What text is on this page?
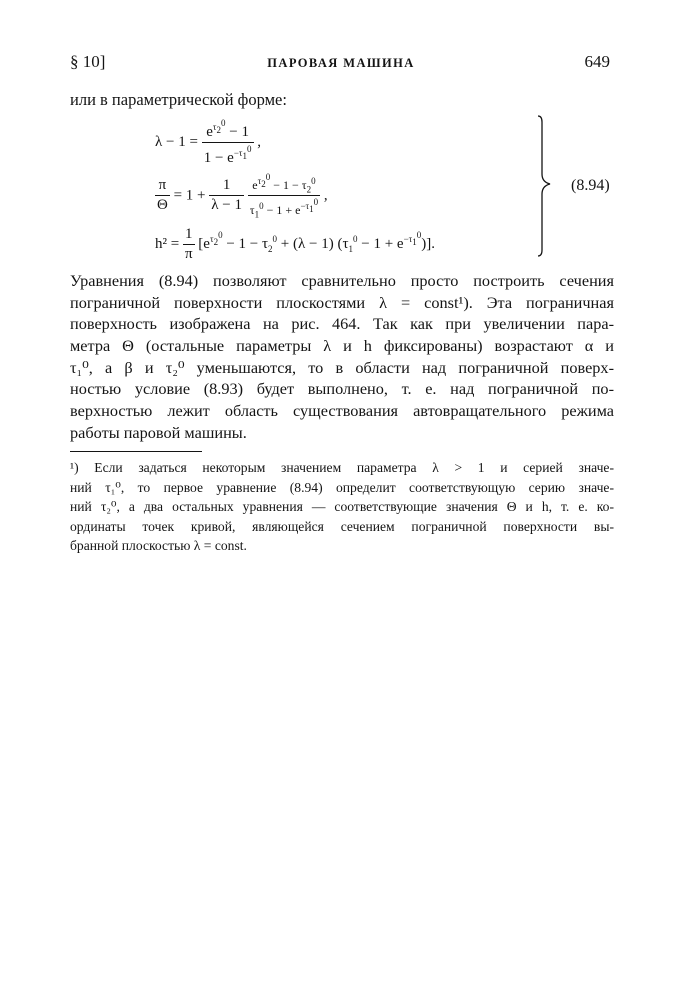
§ 10]	ПАРОВАЯ МАШИНА	649
или в параметрической форме:
$\lambda - 1 = \frac{e^{\tau_2^0} - 1}{1 - e^{-\tau_1^0}}$ ,
$\frac{\pi}{\Theta} = 1 + \frac{1}{\lambda - 1}$
$\frac{e^{\tau_2^0} - 1 - \tau_2^0}{\tau_1^0 - 1 + e^{-\tau_1^0}}$ ,
$h^2 = \frac{1}{\pi} [e^{\tau_2^0} - 1 - \tau_2^0 + (\lambda - 1) (\tau_1^0 - 1 + e^{-\tau_1^0})]$.
(8.94)
Уравнения (8.94) позволяют сравнительно просто построить сечения
пограничной поверхности плоскостями λ = const¹). Эта пограничная
поверхность изображена на рис. 464. Так как при увеличении пара-
метра Θ (остальные параметры λ и h фиксированы) возрастают α и
τ₁⁰, а β и τ₂⁰ уменьшаются, то в области над пограничной поверх-
ностью условие (8.93) будет выполнено, т. е. над пограничной по-
верхностью лежит область существования автовращательного режима
работы паровой машины.
¹) Если задаться некоторым значением параметра λ > 1 и серией значе-
ний τ₁⁰, то первое уравнение (8.94) определит соответствующую серию значе-
ний τ₂⁰, а два остальных уравнения — соответствующие значения Θ и h, т. е. ко-
ординаты точек кривой, являющейся сечением пограничной поверхности вы-
бранной плоскостью λ = const.
